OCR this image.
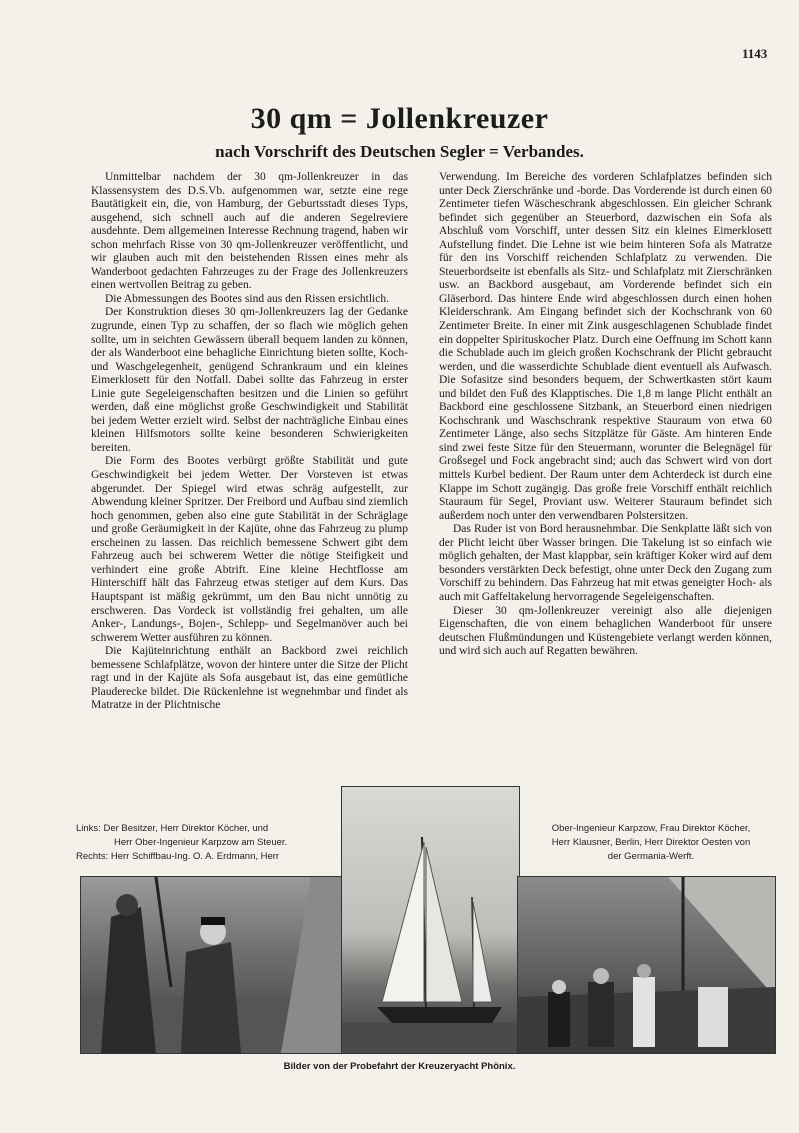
1143
30 qm = Jollenkreuzer
nach Vorschrift des Deutschen Segler = Verbandes.

Unmittelbar nachdem der 30 qm-Jollenkreuzer in das Klassensystem des D.S.Vb. aufgenommen war, setzte eine rege Bautätigkeit ein, die, von Hamburg, der Geburtsstadt dieses Typs, ausgehend, sich schnell auch auf die anderen Segelreviere ausdehnte. Dem allgemeinen Interesse Rechnung tragend, haben wir schon mehrfach Risse von 30 qm-Jollenkreuzer veröffentlicht, und wir glauben auch mit den beistehenden Rissen eines mehr als Wanderboot gedachten Fahrzeuges zu der Frage des Jollenkreuzers einen wertvollen Beitrag zu geben.

Die Abmessungen des Bootes sind aus den Rissen ersichtlich.

Der Konstruktion dieses 30 qm-Jollenkreuzers lag der Gedanke zugrunde, einen Typ zu schaffen, der so flach wie möglich gehen sollte, um in seichten Gewässern überall bequem landen zu können, der als Wanderboot eine behagliche Einrichtung bieten sollte, Koch- und Waschgelegenheit, genügend Schrankraum und ein kleines Eimerklosett für den Notfall. Dabei sollte das Fahrzeug in erster Linie gute Segeleigenschaften besitzen und die Linien so geführt werden, daß eine möglichst große Geschwindigkeit und Stabilität bei jedem Wetter erzielt wird. Selbst der nachträgliche Einbau eines kleinen Hilfsmotors sollte keine besonderen Schwierigkeiten bereiten.

Die Form des Bootes verbürgt größte Stabilität und gute Geschwindigkeit bei jedem Wetter. Der Vorsteven ist etwas abgerundet. Der Spiegel wird etwas schräg aufgestellt, zur Abwendung kleiner Spritzer. Der Freibord und Aufbau sind ziemlich hoch genommen, geben also eine gute Stabilität in der Schräglage und große Geräumigkeit in der Kajüte, ohne das Fahrzeug zu plump erscheinen zu lassen. Das reichlich bemessene Schwert gibt dem Fahrzeug auch bei schwerem Wetter die nötige Steifigkeit und verhindert eine große Abtrift. Eine kleine Hechtflosse am Hinterschiff hält das Fahrzeug etwas stetiger auf dem Kurs. Das Hauptspant ist mäßig gekrümmt, um den Bau nicht unnötig zu erschweren. Das Vordeck ist vollständig frei gehalten, um alle Anker-, Landungs-, Bojen-, Schlepp- und Segelmanöver auch bei schwerem Wetter ausführen zu können.

Die Kajüteinrichtung enthält an Backbord zwei reichlich bemessene Schlafplätze, wovon der hintere unter die Sitze der Plicht ragt und in der Kajüte als Sofa ausgebaut ist, das eine gemütliche Plauderecke bildet. Die Rückenlehne ist wegnehmbar und findet als Matratze in der Plichtnische

Verwendung. Im Bereiche des vorderen Schlafplatzes befinden sich unter Deck Zierschränke und -borde. Das Vorderende ist durch einen 60 Zentimeter tiefen Wäscheschrank abgeschlossen. Ein gleicher Schrank befindet sich gegenüber an Steuerbord, dazwischen ein Sofa als Abschluß vom Vorschiff, unter dessen Sitz ein kleines Eimerklosett Aufstellung findet. Die Lehne ist wie beim hinteren Sofa als Matratze für den ins Vorschiff reichenden Schlafplatz zu verwenden. Die Steuerbordseite ist ebenfalls als Sitz- und Schlafplatz mit Zierschränken usw. an Backbord ausgebaut, am Vorderende befindet sich ein Gläserbord. Das hintere Ende wird abgeschlossen durch einen hohen Kleiderschrank. Am Eingang befindet sich der Kochschrank von 60 Zentimeter Breite. In einer mit Zink ausgeschlagenen Schublade findet ein doppelter Spirituskocher Platz. Durch eine Oeffnung im Schott kann die Schublade auch im gleich großen Kochschrank der Plicht gebraucht werden, und die wasserdichte Schublade dient eventuell als Aufwasch. Die Sofasitze sind besonders bequem, der Schwertkasten stört kaum und bildet den Fuß des Klapptisches. Die 1,8 m lange Plicht enthält an Backbord eine geschlossene Sitzbank, an Steuerbord einen niedrigen Kochschrank und Waschschrank respektive Stauraum von etwa 60 Zentimeter Länge, also sechs Sitzplätze für Gäste. Am hinteren Ende sind zwei feste Sitze für den Steuermann, worunter die Belegnägel für Großsegel und Fock angebracht sind; auch das Schwert wird von dort mittels Kurbel bedient. Der Raum unter dem Achterdeck ist durch eine Klappe im Schott zugängig. Das große freie Vorschiff enthält reichlich Stauraum für Segel, Proviant usw. Weiterer Stauraum befindet sich außerdem noch unter den verwendbaren Polstersitzen.

Das Ruder ist von Bord herausnehmbar. Die Senkplatte läßt sich von der Plicht leicht über Wasser bringen. Die Takelung ist so einfach wie möglich gehalten, der Mast klappbar, sein kräftiger Koker wird auf dem besonders verstärkten Deck befestigt, ohne unter Deck den Zugang zum Vorschiff zu behindern. Das Fahrzeug hat mit etwas geneigter Hoch- als auch mit Gaffeltakelung hervorragende Segeleigenschaften.

Dieser 30 qm-Jollenkreuzer vereinigt also alle diejenigen Eigenschaften, die von einem behaglichen Wanderboot für unsere deutschen Flußmündungen und Küstengebiete verlangt werden können, und wird sich auch auf Regatten bewähren.

Links: Der Besitzer, Herr Direktor Köcher, und
Herr Ober-Ingenieur Karpzow am Steuer.
Rechts: Herr Schiffbau-Ing. O. A. Erdmann, Herr
Ober-Ingenieur Karpzow, Frau Direktor Köcher,
Herr Klausner, Berlin, Herr Direktor Oesten von
der Germania-Werft.
Bilder von der Probefahrt der Kreuzeryacht Phönix.
